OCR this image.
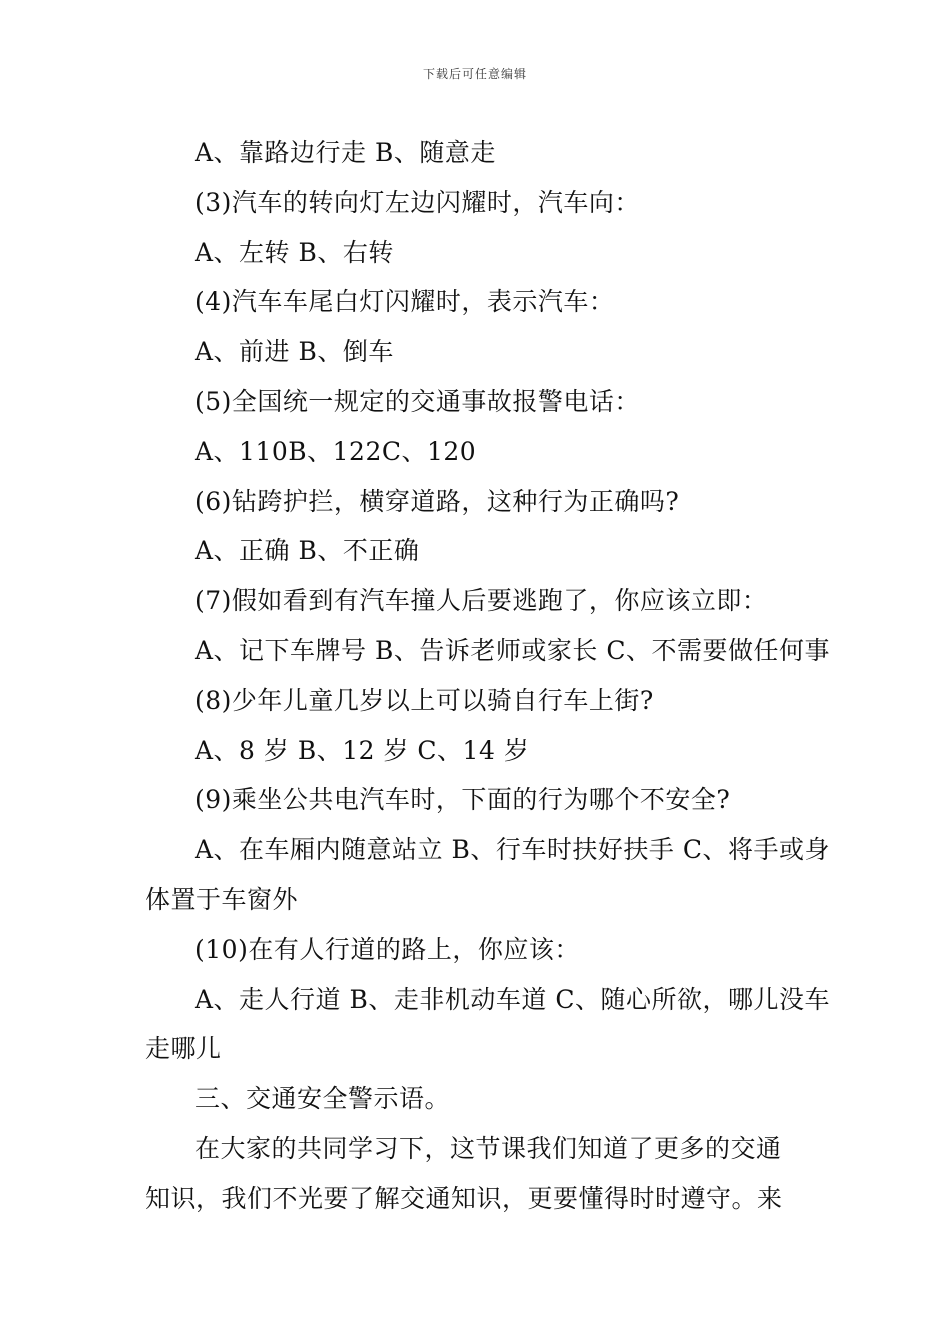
下载后可任意编辑
A、靠路边行走 B、随意走
(3)汽车的转向灯左边闪耀时，汽车向：
A、左转 B、右转
(4)汽车车尾白灯闪耀时，表示汽车：
A、前进 B、倒车
(5)全国统一规定的交通事故报警电话：
A、110B、122C、120
(6)钻跨护拦，横穿道路，这种行为正确吗?
A、正确 B、不正确
(7)假如看到有汽车撞人后要逃跑了，你应该立即：
A、记下车牌号 B、告诉老师或家长 C、不需要做任何事
(8)少年儿童几岁以上可以骑自行车上街?
A、8 岁 B、12 岁 C、14 岁
(9)乘坐公共电汽车时，下面的行为哪个不安全?
A、在车厢内随意站立 B、行车时扶好扶手 C、将手或身
体置于车窗外
(10)在有人行道的路上，你应该：
A、走人行道 B、走非机动车道 C、随心所欲，哪儿没车
走哪儿
三、交通安全警示语。
在大家的共同学习下，这节课我们知道了更多的交通
知识，我们不光要了解交通知识，更要懂得时时遵守。来
